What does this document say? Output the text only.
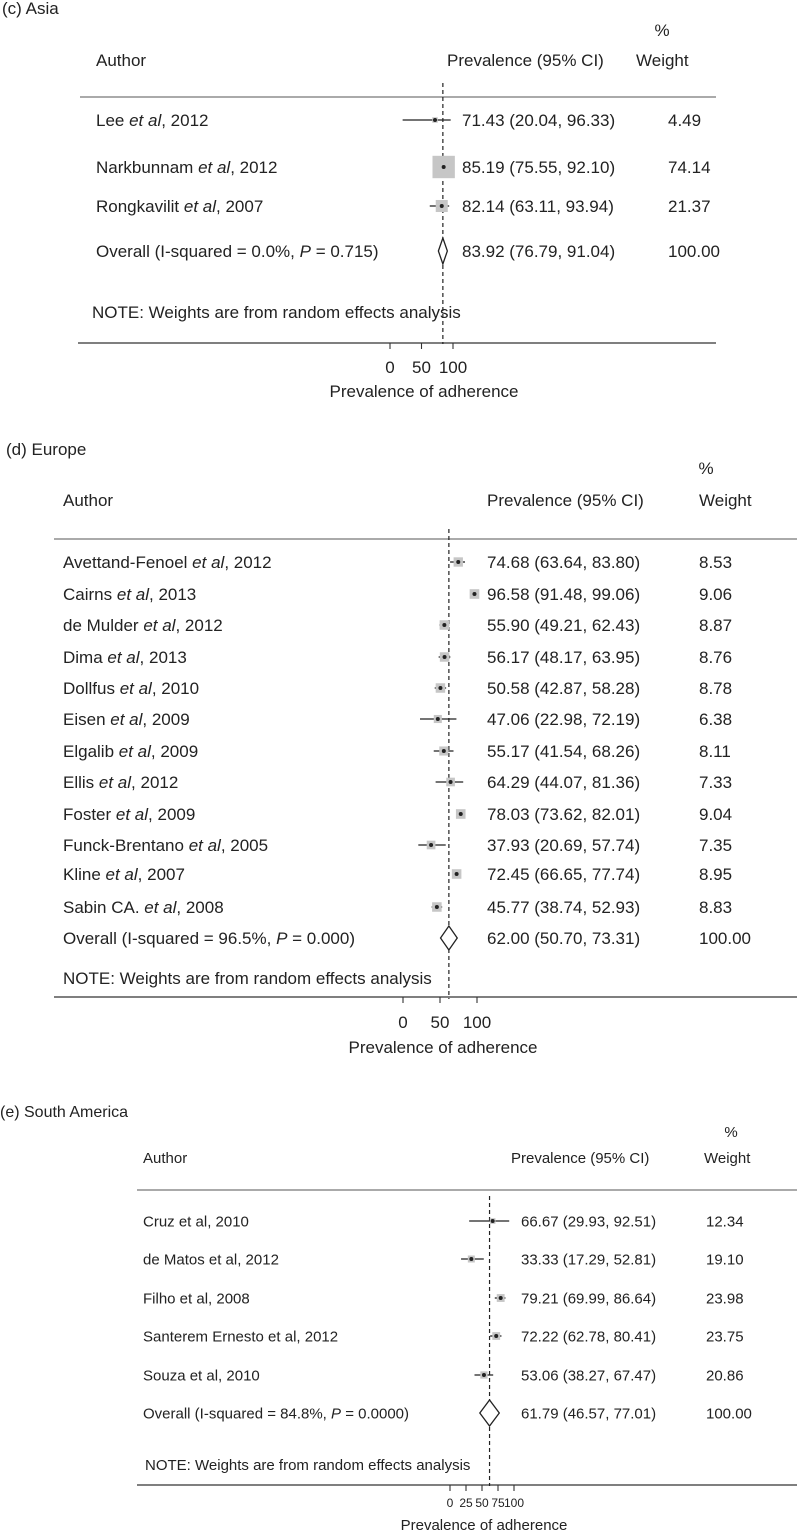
(c) Asia
%
Author	Prevalence (95% CI) Weight
Lee et al, 2012	71.43 (20.04, 96.33)	4.49
Narkbunnam et al, 2012	85.19 (75.55, 92.10)	74.14
Rongkavilit et al, 2007	82.14 (63.11, 93.94)	21.37
Overall (I-squared = 0.0%, P = 0.715)	83.92 (76.79, 91.04)	100.00
NOTE: Weights are from random effects analysis
0 50 100
Prevalence of adherence
(d) Europe
%
Author	Prevalence (95% CI)	Weight
Avettand-Fenoel et al, 2012	74.68 (63.64, 83.80)	8.53
Cairns et al, 2013	96.58 (91.48, 99.06)	9.06
de Mulder et al, 2012	55.90 (49.21, 62.43)	8.87
Dima et al, 2013	56.17 (48.17, 63.95)	8.76
Dollfus et al, 2010	50.58 (42.87, 58.28)	8.78
Eisen et al, 2009	47.06 (22.98, 72.19)	6.38
Elgalib et al, 2009	55.17 (41.54, 68.26)	8.11
Ellis et al, 2012	64.29 (44.07, 81.36)	7.33
Foster et al, 2009	78.03 (73.62, 82.01)	9.04
Funck-Brentano et al, 2005	37.93 (20.69, 57.74)	7.35
Kline et al, 2007	72.45 (66.65, 77.74)	8.95
Sabin CA. et al, 2008	45.77 (38.74, 52.93)	8.83
Overall (I-squared = 96.5%, P = 0.000)	62.00 (50.70, 73.31)	100.00
NOTE: Weights are from random effects analysis
0 50 100
Prevalence of adherence
(e) South America
%
Author	Prevalence (95% CI)	Weight
Cruz et al, 2010	66.67 (29.93, 92.51)	12.34
de Matos et al, 2012	33.33 (17.29, 52.81)	19.10
Filho et al, 2008	79.21 (69.99, 86.64)	23.98
Santerem Ernesto et al, 2012	72.22 (62.78, 80.41)	23.75
Souza et al, 2010	53.06 (38.27, 67.47)	20.86
Overall (I-squared = 84.8%, P = 0.0000)	61.79 (46.57, 77.01)	100.00
NOTE: Weights are from random effects analysis
0 25 50 75 100
Prevalence of adherence
